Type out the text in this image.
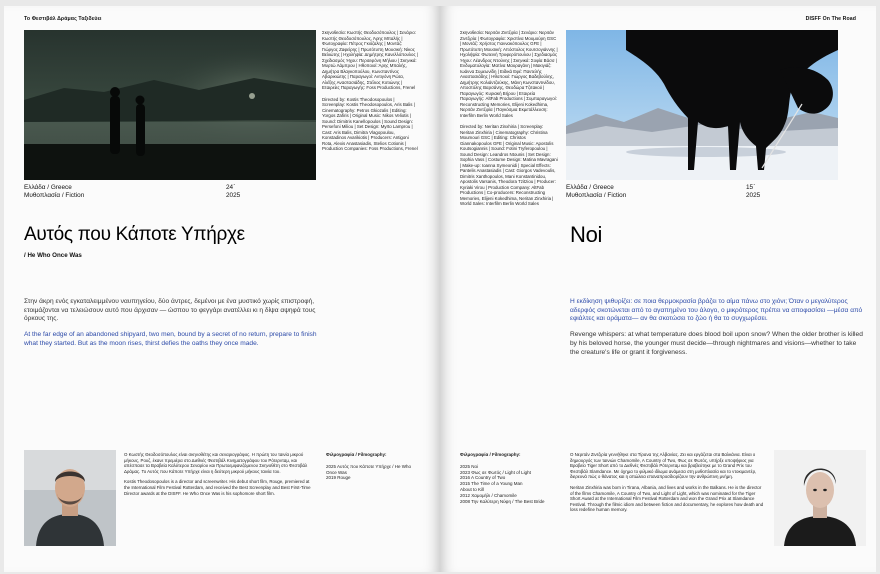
Το Φεστιβάλ Δράμας Ταξιδεύει
Ελλάδα / Greece
Μυθοπλασία / Fiction
24΄
2025

Σκηνοθεσία: Κωστής Θεοδοσόπουλος | Σενάριο: Κωστής Θεοδοσόπουλος, Άρης Μπαλής | Φωτογραφία: Πέτρος Γκιόζαλης | Μοντάζ: Γιώργος Ζαφείρης | Πρωτότυπη Μουσική: Νίκος Βελιώτης | Ηχολήψία: Δημήτρης Κανελλόπουλος | Σχεδιασμός Ήχου: Περσεφόνη Μήλιου | Σκηνικά: Μυρτώ Λάμπρου | Ηθοποιοί: Άρης Μπαλής, Δημήτρα Βλαγκοπούλου, Κωνσταντίνος Αβαρικιώτης | Παραγωγοί: Αντιγόνη Ρώτα, Αλέξης Αναστασιάδης, Στέλιος Κοτιώνης | Εταιρείες Παραγωγής: Foss Productions, Frenel

Directed by: Kostis Theodosopoulos | Screenplay: Kostis Theodosopoulos, Aris Balis | Cinematography: Petros Gkiozalis | Editing: Yorgos Zafiris | Original Music: Nikos Veliotis | Sound: Dimitris Kanellopoulos | Sound Design: Persefoni Miliou | Set Design: Myrto Lamprou | Cast: Aris Balis, Dimitra Vlagopoulou, Konstadinos Avarikiotis | Producers: Antigoni Rota, Alexis Anastasiadis, Stelios Cotionis | Production Companies: Foss Productions, Frenel

Αυτός που Κάποτε Υπήρχε
/ He Who Once Was

Στην άκρη ενός εγκαταλειμμένου ναυπηγείου, δύο άντρες, δεμένοι με ένα μυστικό χωρίς επιστροφή, ετοιμάζονται να τελειώσουν αυτό που άρχισαν — ώσπου το φεγγάρι ανατέλλει κι η δίψα αψηφά τους όρκους της.

At the far edge of an abandoned shipyard, two men, bound by a secret of no return, prepare to finish what they started. But as the moon rises, thirst defies the oaths they once made.

Ο Κωστής Θεοδοσόπουλος είναι σκηνοθέτης και σεναριογράφος. Η πρώτη του ταινία μικρού μήκους, Ρουζ, έκανε πρεμιέρα στο Διεθνές Φεστιβάλ Κινηματογράφου του Ρότερνταμ, και απέσπασε τα Βραβεία Καλύτερου Σεναρίου και Πρωτοεμφανιζόμενου Σκηνοθέτη στο Φεστιβάλ Δράμας. Το Αυτός που Κάποτε Υπήρχε είναι η δεύτερη μικρού μήκους ταινία του.

Kostis Theodosopoulos is a director and screenwriter. His debut short film, Rouge, premiered at the International Film Festival Rotterdam, and received the Best Screenplay and Best First-Time Director awards at the DISFF. He Who Once Was is his sophomore short film.

Φιλμογραφία / Filmography:
2025 Αυτός που Κάποτε Υπήρχε / He Who Once Was
2019 Rouge
DISFF On The Road

Σκηνοθεσία: Νεριτάν Ζιντζιρία | Σενάριο: Νεριτάν Ζιντζιρία | Φωτογραφία: Χριστίνα Μουμούρη GSC | Μοντάζ: Χρήστος Γιαννακόπουλος GFE | Πρωτότυπη Μουσική: Απόστολος Κουτσογιάννης | Ηχολήψία: Φωτεινή Τρυφερόπουλου | Σχεδιασμός Ήχου: Λέανδρος Ντούνης | Σκηνικά: Σοφία Βάσσ | Ενδυματολογία: Ματίνα Μαυραγάνη | Μακιγιάζ: Ιωάννα Συμεωνίδη | Ειδικά Εφέ: Παντελής Αναστασιάδης | Ηθοποιοί: Γιώργος Βαδεβούλης, Δημήτρης Κολιάντζούκης, Μάνη Κωνσταντινίδου, Αποστόλης Βαρσάνης, Θεοδώρα Τζιτακού | Παραγωγός: Κυριακή Βήρου | Εταιρεία Παραγωγής: AltFab Productions | Συμπαραγωγοί: Reconstructing Memories, Elijeni Kokedhima, Νεριτάν Ζιντζιρία | Παγκόσμια Εκμετάλλευση: Interfilm Berlin World Sales

Directed by: Neritan Zinxhiria | Screenplay: Neritan Zinxhiria | Cinematography: Christina Moumouri GSC | Editing: Christos Giannakopoulos GFE | Original Music: Apostolis Koutsogiannis | Sound: Fotini Tryferopoulou | Sound Design: Leandros Ntounis | Set Design: Sophia Vass | Costume Design: Matina Mavragani | Make-up: Ioanna Symeonidi | Special Effects: Pantelis Anastasiadis | Cast: Giorgos Vadevoulis, Dimitris Xanthopoulos, Mani Konstantinidou, Apostolis Varsanis, Theodora Tzitziou | Producer: Kyriaki Virou | Production Company: AltFab Productions | Co-producers: Reconstructing Memories, Elijeni Kokedhima, Neritan Zinxhiria | World Sales: Interfilm Berlin World Sales

Ελλάδα / Greece
Μυθοπλασία / Fiction
15΄
2025
Noi

Η εκδίκηση ψιθυρίζει: σε ποια θερμοκρασία βράζει το αίμα πάνω στο χιόνι; Όταν ο μεγαλύτερος αδερφός σκοτώνεται από το αγαπημένο του άλογο, ο μικρότερος πρέπει να αποφασίσει —μέσα από εφιάλτες και οράματα— αν θα σκοτώσει το ζώο ή θα το συγχωρέσει.

Revenge whispers: at what temperature does blood boil upon snow? When the older brother is killed by his beloved horse, the younger must decide—through nightmares and visions—whether to take the creature's life or grant it forgiveness.

Φιλμογραφία / Filmography:
2025 Noi
2023 Φως σε Φωτός / Light of Light
2016 A Country of Two
2015 The Time of a Young Man
About to Kill
2012 Χαμομήλι / Chamomile
2008 Την Καλύτερη Νύφη / The Best Bride

Ο Νεριτάν Ζιντζιρία γεννήθηκε στα Τίρανα της Αλβανίας. Ζει και εργάζεται στα Βαλκάνια. Είναι ο δημιουργός των ταινιών Chamomile, A Country of Two, Φως σε Φωτός, υπήρξε υποψήφιος για Βραβείο Tiger Short από το Διεθνές Φεστιβάλ Ρότερνταμ και βραβεύτηκε με το Grand Prix του Φεστιβάλ Slamdance. Με όχημα το φιλμικό ιδίωμα ανάμεσα στη μυθοπλασία και το ντοκιμαντέρ, διερευνά πώς ο θάνατος και η απώλεια επαναπροσδιορίζουν την ανθρώπινη μνήμη.

Neritan Zinxhiria was born in Tirana, Albania, and lives and works in the Balkans. He is the director of the films Chamomile, A Country of Two, and Light of Light, which was nominated for the Tiger Short Award at the International Film Festival Rotterdam and won the Grand Prix at Slamdance Festival. Through the filmic idiom and between fiction and documentary, he explores how death and loss redefine human memory.
